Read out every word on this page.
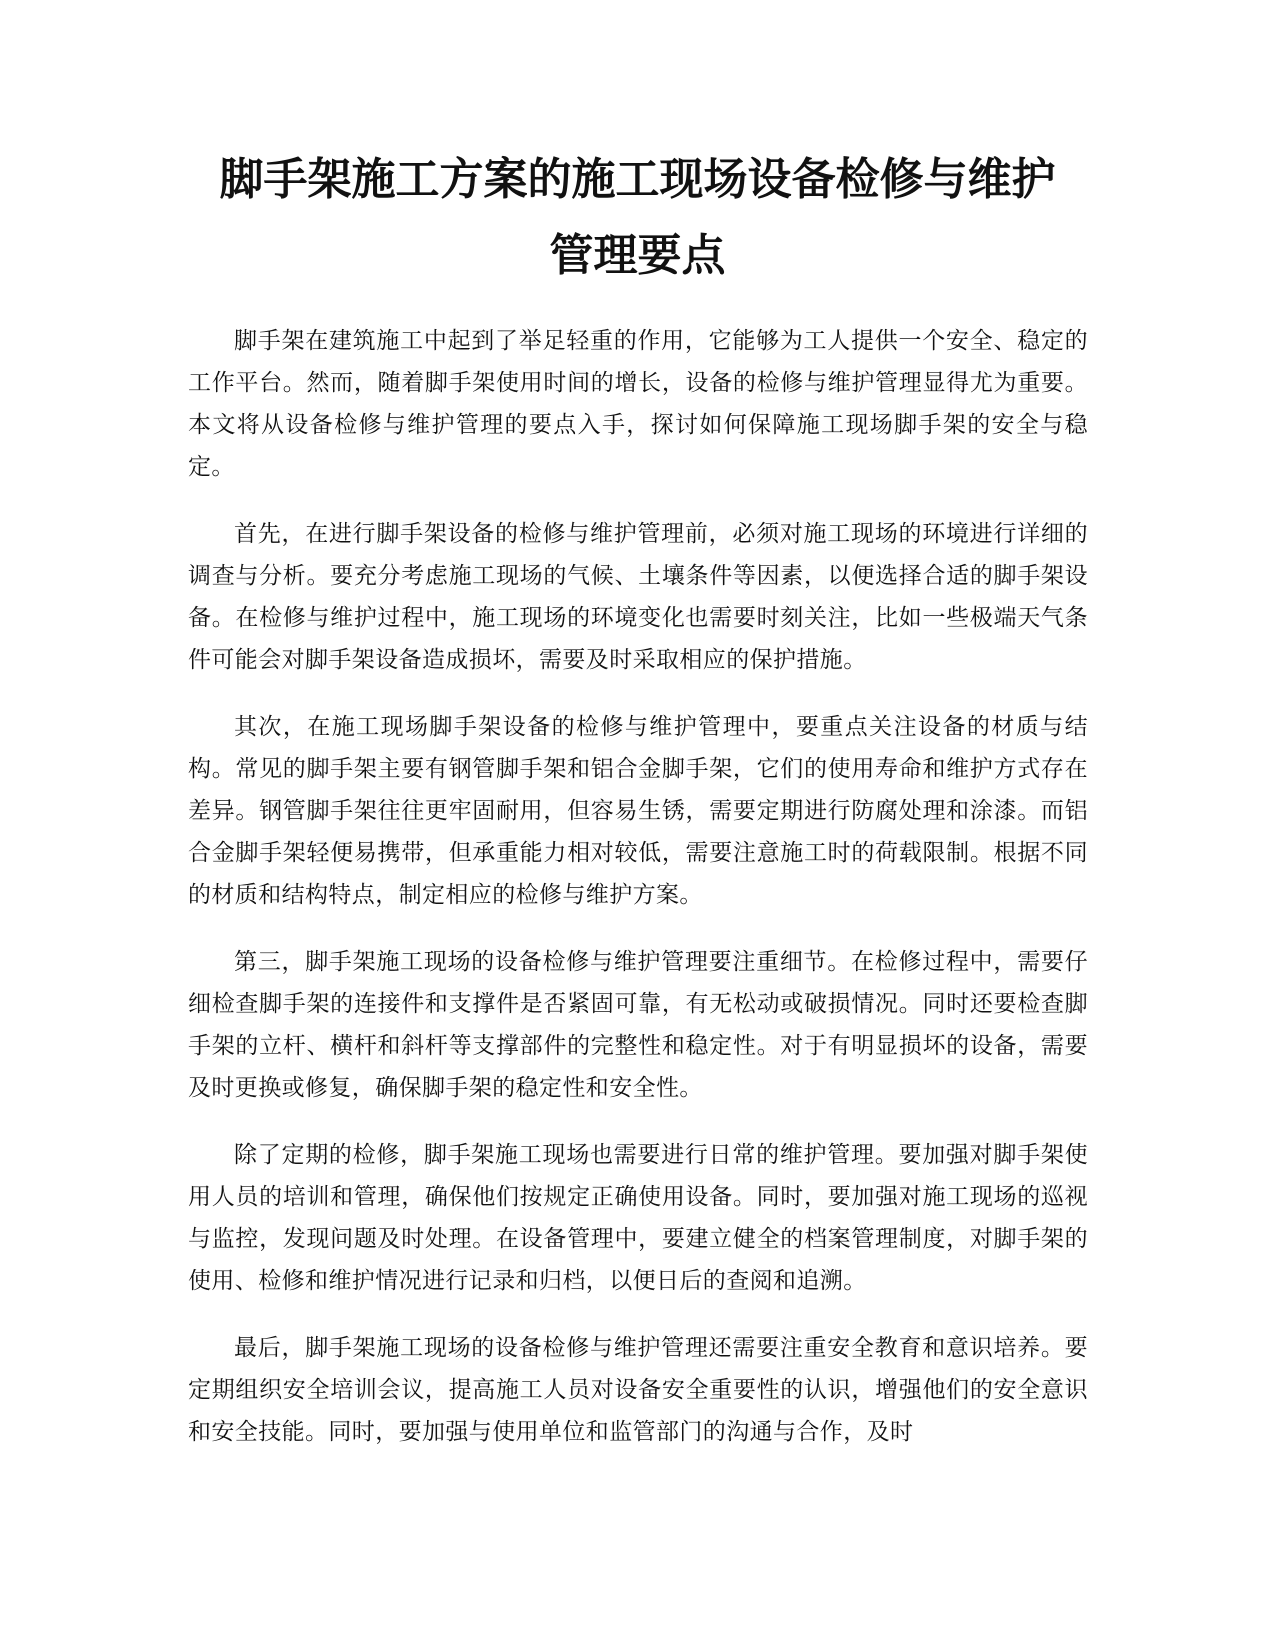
脚手架施工方案的施工现场设备检修与维护
管理要点

脚手架在建筑施工中起到了举足轻重的作用，它能够为工人提供一个安全、稳定的工作平台。然而，随着脚手架使用时间的增长，设备的检修与维护管理显得尤为重要。本文将从设备检修与维护管理的要点入手，探讨如何保障施工现场脚手架的安全与稳定。

首先，在进行脚手架设备的检修与维护管理前，必须对施工现场的环境进行详细的调查与分析。要充分考虑施工现场的气候、土壤条件等因素，以便选择合适的脚手架设备。在检修与维护过程中，施工现场的环境变化也需要时刻关注，比如一些极端天气条件可能会对脚手架设备造成损坏，需要及时采取相应的保护措施。

其次，在施工现场脚手架设备的检修与维护管理中，要重点关注设备的材质与结构。常见的脚手架主要有钢管脚手架和铝合金脚手架，它们的使用寿命和维护方式存在差异。钢管脚手架往往更牢固耐用，但容易生锈，需要定期进行防腐处理和涂漆。而铝合金脚手架轻便易携带，但承重能力相对较低，需要注意施工时的荷载限制。根据不同的材质和结构特点，制定相应的检修与维护方案。

第三，脚手架施工现场的设备检修与维护管理要注重细节。在检修过程中，需要仔细检查脚手架的连接件和支撑件是否紧固可靠，有无松动或破损情况。同时还要检查脚手架的立杆、横杆和斜杆等支撑部件的完整性和稳定性。对于有明显损坏的设备，需要及时更换或修复，确保脚手架的稳定性和安全性。

除了定期的检修，脚手架施工现场也需要进行日常的维护管理。要加强对脚手架使用人员的培训和管理，确保他们按规定正确使用设备。同时，要加强对施工现场的巡视与监控，发现问题及时处理。在设备管理中，要建立健全的档案管理制度，对脚手架的使用、检修和维护情况进行记录和归档，以便日后的查阅和追溯。

最后，脚手架施工现场的设备检修与维护管理还需要注重安全教育和意识培养。要定期组织安全培训会议，提高施工人员对设备安全重要性的认识，增强他们的安全意识和安全技能。同时，要加强与使用单位和监管部门的沟通与合作，及时
